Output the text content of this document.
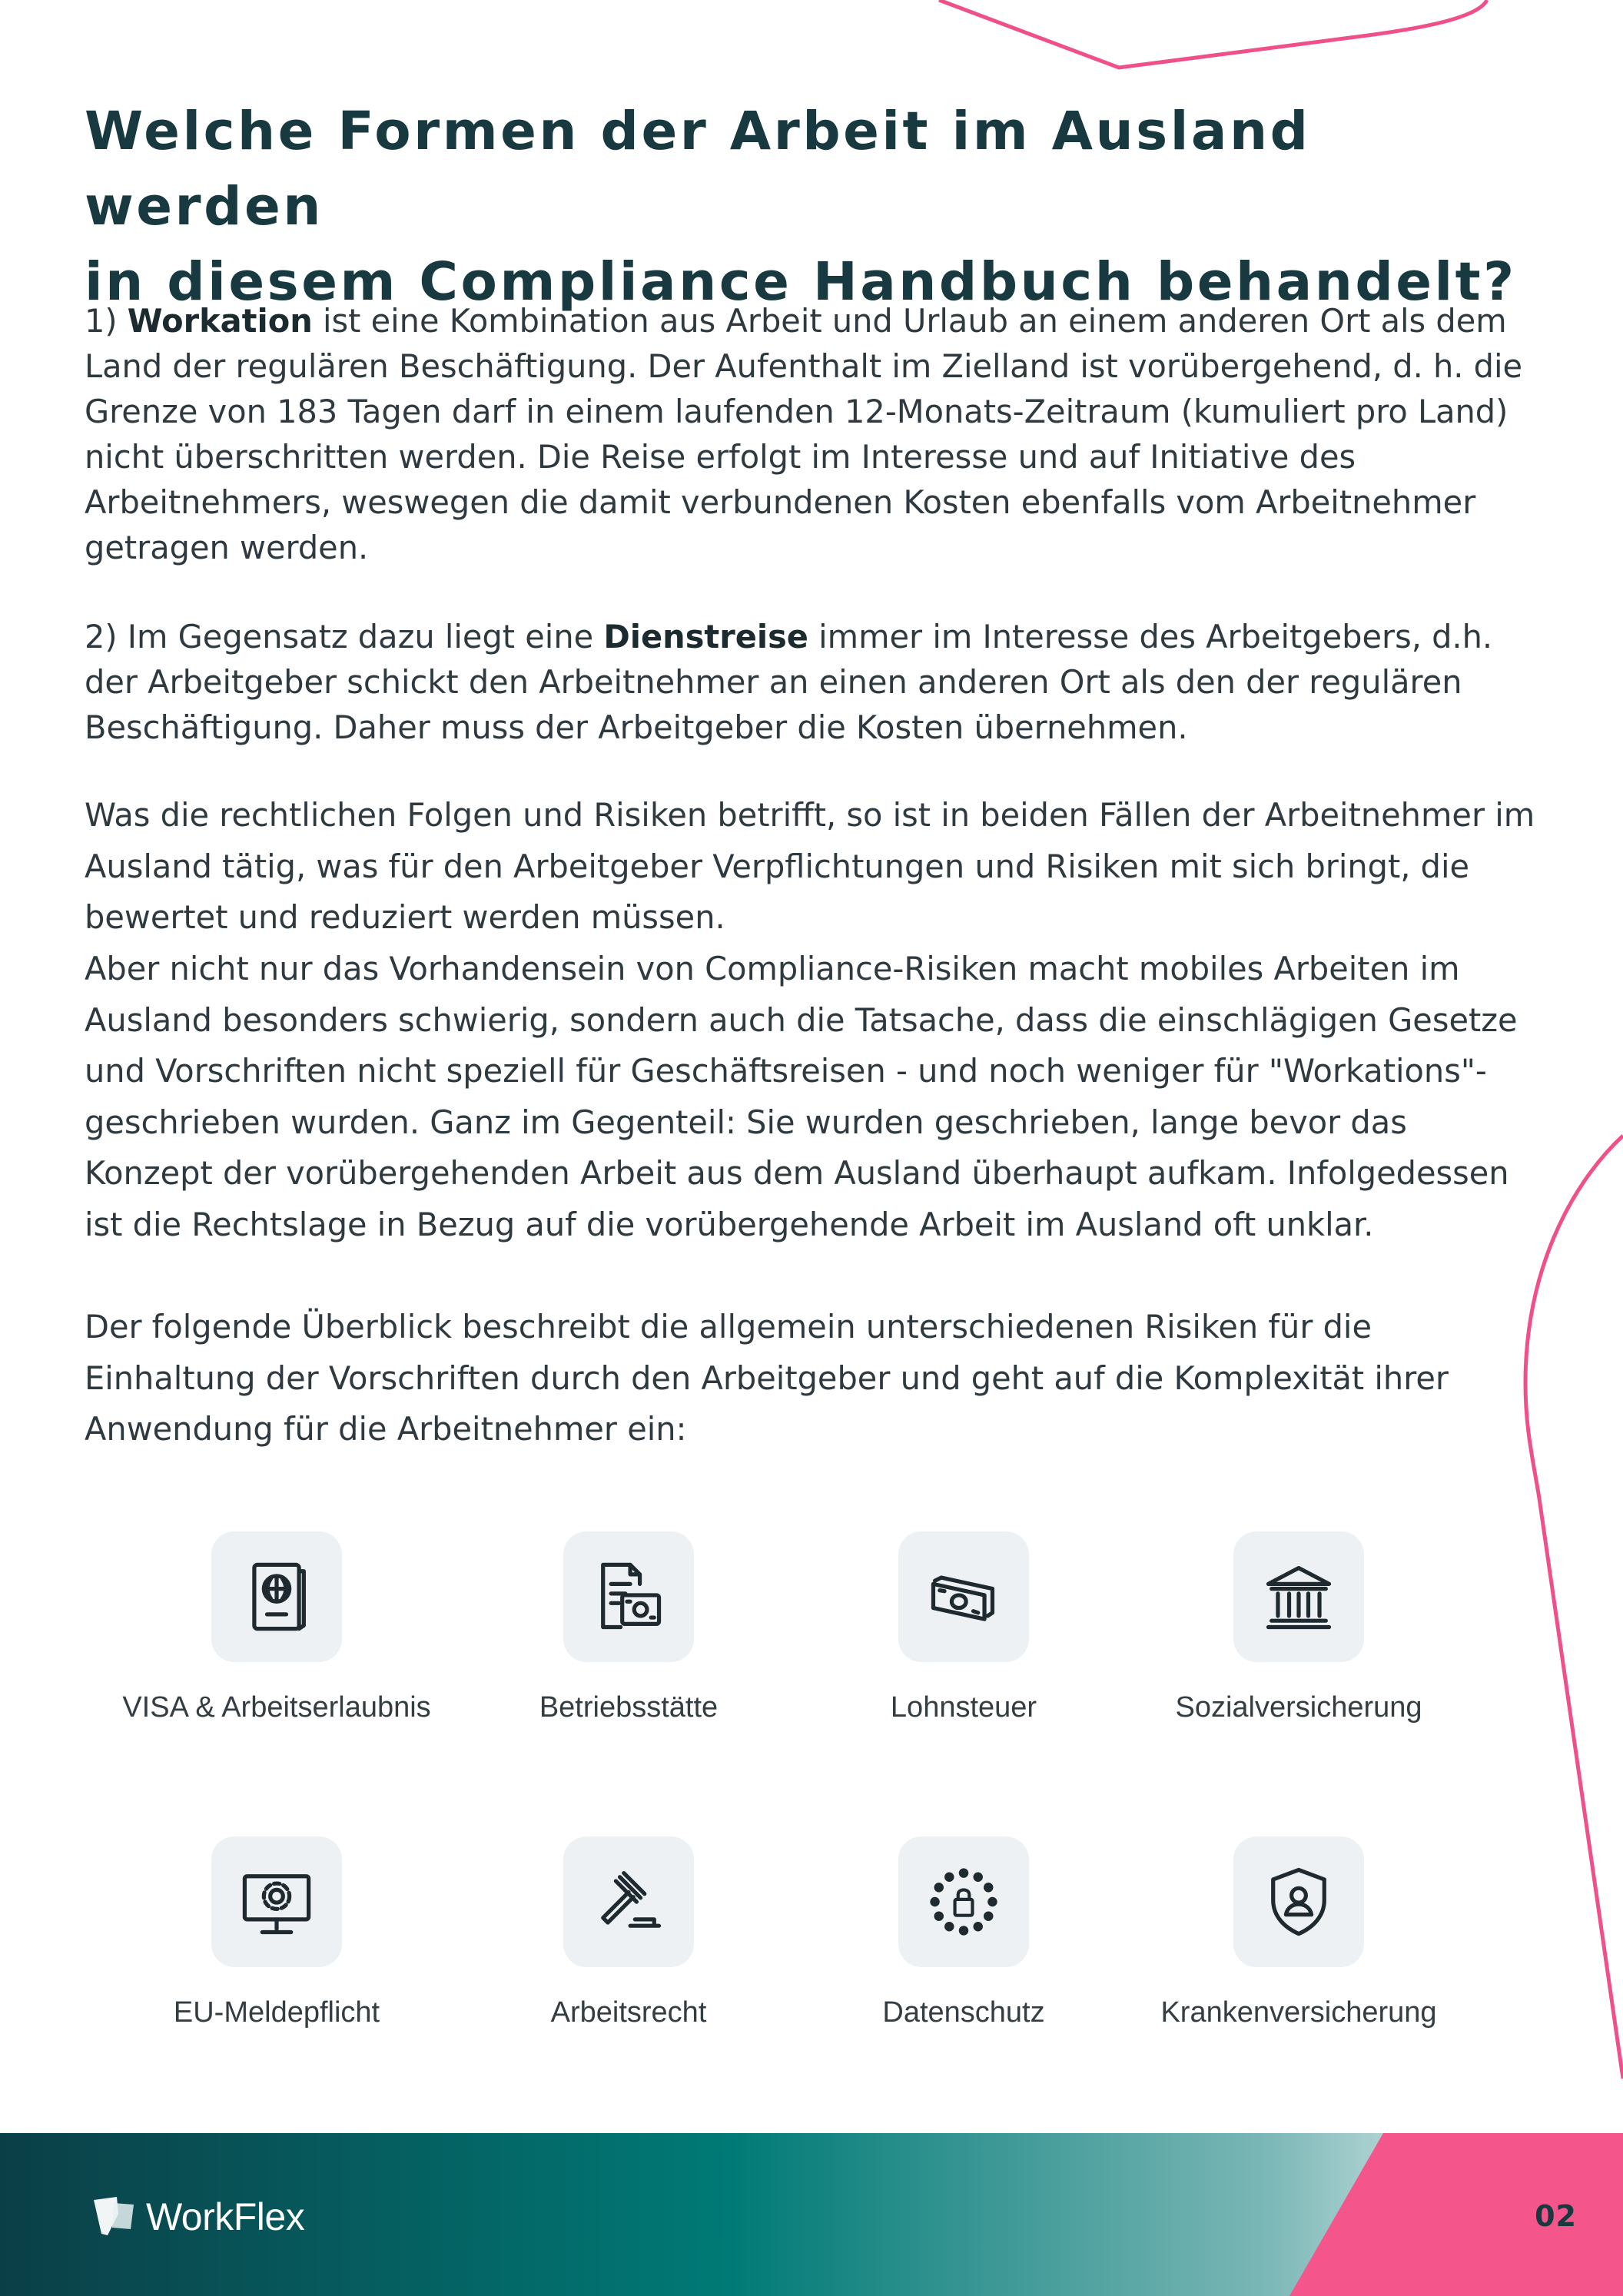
Welche Formen der Arbeit im Ausland werden
in diesem Compliance Handbuch behandelt?

1) Workation ist eine Kombination aus Arbeit und Urlaub an einem anderen Ort als dem Land der regulären Beschäftigung. Der Aufenthalt im Zielland ist vorübergehend, d. h. die Grenze von 183 Tagen darf in einem laufenden 12-Monats-Zeitraum (kumuliert pro Land) nicht überschritten werden. Die Reise erfolgt im Interesse und auf Initiative des Arbeitnehmers, weswegen die damit verbundenen Kosten ebenfalls vom Arbeitnehmer getragen werden.

2) Im Gegensatz dazu liegt eine Dienstreise immer im Interesse des Arbeitgebers, d.h. der Arbeitgeber schickt den Arbeitnehmer an einen anderen Ort als den der regulären Beschäftigung. Daher muss der Arbeitgeber die Kosten übernehmen.

Was die rechtlichen Folgen und Risiken betrifft, so ist in beiden Fällen der Arbeitnehmer im Ausland tätig, was für den Arbeitgeber Verpflichtungen und Risiken mit sich bringt, die bewertet und reduziert werden müssen.

Aber nicht nur das Vorhandensein von Compliance-Risiken macht mobiles Arbeiten im Ausland besonders schwierig, sondern auch die Tatsache, dass die einschlägigen Gesetze und Vorschriften nicht speziell für Geschäftsreisen - und noch weniger für "Workations"- geschrieben wurden. Ganz im Gegenteil: Sie wurden geschrieben, lange bevor das Konzept der vorübergehenden Arbeit aus dem Ausland überhaupt aufkam. Infolgedessen ist die Rechtslage in Bezug auf die vorübergehende Arbeit im Ausland oft unklar.

Der folgende Überblick beschreibt die allgemein unterschiedenen Risiken für die Einhaltung der Vorschriften durch den Arbeitgeber und geht auf die Komplexität ihrer Anwendung für die Arbeitnehmer ein:

VISA & Arbeitserlaubnis	Betriebsstätte	Lohnsteuer	Sozialversicherung
EU-Meldepflicht	Arbeitsrecht	Datenschutz	Krankenversicherung
WorkFlex	02
